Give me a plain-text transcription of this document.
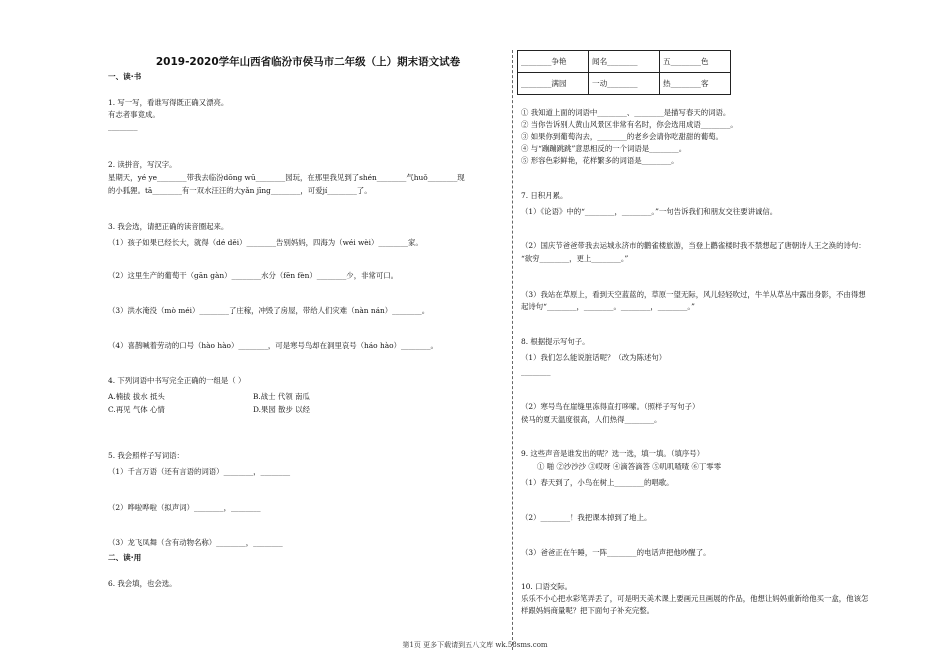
2019-2020学年山西省临汾市侯马市二年级（上）期末语文试卷
一、读·书
1. 写一写，看谁写得既正确又漂亮。
有志者事竟成。
________
2. 读拼音，写汉字。
星期天，yé ye________带我去临汾dōng wū________园玩，在那里我见到了shén________气huǒ________现
的小狐狸。tā________有一双水汪汪的大yǎn jīng________，可爱jí________了。
3. 我会选，请把正确的读音圈起来。
（1）孩子如果已经长大，就得（dé děi）________告别妈妈，四海为（wéi wèi）________家。
（2）这里生产的葡萄干（gān gàn）________水分（fēn fèn）________少，非常可口。
（3）洪水淹没（mò méi）________了庄稼，冲毁了房屋，带给人们灾难（nàn nán）________。
（4）喜鹊喊着劳动的口号（hào hào）________，可是寒号鸟却在洞里哀号（háo hào）________。
4. 下列词语中书写完全正确的一组是（ ）
A.楠拔 拔水 抵头	B.战士 代领 南瓜
C.再见 气体 心情	D.果园 散步 以经
5. 我会照样子写词语：
（1）千言万语（还有言语的词语）________，________
（2）哗啦哗啦（拟声词）________，________
（3）龙飞凤舞（含有动物名称）________，________
二、读·用
6. 我会填，也会选。
________争艳	闻名________	五________色
________满园	一动________	热________客
① 我知道上面的词语中________、________是描写春天的词语。
② 当你告诉别人黄山风景区非常有名时，你会选用成语________。
③ 如果你到葡萄沟去，________的老乡会请你吃甜甜的葡萄。
④ 与“蹦蹦跳跳”意思相反的一个词语是________。
⑤ 形容色彩鲜艳，花样繁多的词语是________。
7. 日积月累。
（1）《论语》中的“________，________。”一句告诉我们和朋友交往要讲诚信。
（2）国庆节爸爸带我去运城永济市的鹳雀楼旅游，当登上鹳雀楼时我不禁想起了唐朝诗人王之涣的诗句：
“欲穷________，更上________。”
（3）我站在草原上，看到天空蓝蓝的，草原一望无际，风儿轻轻吹过，牛羊从草丛中露出身影，不由得想
起诗句“________，________。________，________。”
8. 根据提示写句子。
（1）我们怎么能说脏话呢？（改为陈述句）
________
（2）寒号鸟在崖缝里冻得直打哆嗦。（照样子写句子）
侯马的夏天温度很高，人们热得________。
9. 这些声音是谁发出的呢？选一选，填一填。（填序号）
① 啪 ②沙沙沙 ③哎呀 ④滴答滴答 ⑤叽叽喳喳 ⑥丁零零
（1）春天到了，小鸟在树上________的唱歌。
（2）________！我把课本掉到了地上。
（3）爸爸正在午睡，一阵________的电话声把他吵醒了。
10. 口语交际。
乐乐不小心把水彩笔弄丢了，可是明天美术课上要画元旦画展的作品，他想让妈妈重新给他买一盒，他该怎
样跟妈妈商量呢？把下面句子补充完整。
第1页 更多下载请到五八文库 wk.58sms.com
